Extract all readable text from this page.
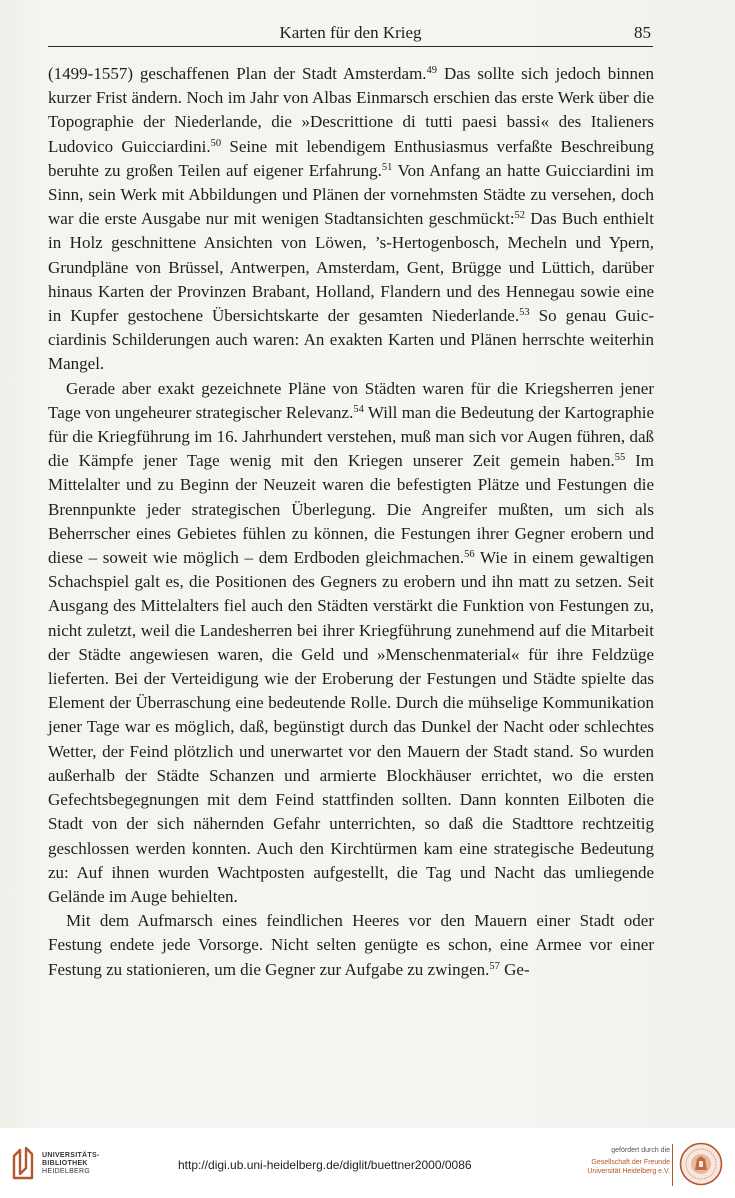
Karten für den Krieg	85

(1499-1557) geschaffenen Plan der Stadt Amsterdam.$^{49}$ Das sollte sich jedoch binnen kurzer Frist ändern. Noch im Jahr von Albas Einmarsch erschien das erste Werk über die Topographie der Niederlande, die »Descrittione di tutti paesi bassi« des Italieners Ludovico Guicciardini.$^{50}$ Seine mit lebendigem Enthusiasmus verfaßte Beschreibung beruhte zu großen Teilen auf eigener Erfahrung.$^{51}$ Von Anfang an hatte Guicciardini im Sinn, sein Werk mit Abbildungen und Plänen der vornehmsten Städte zu versehen, doch war die erste Ausgabe nur mit wenigen Stadtansichten geschmückt:$^{52}$ Das Buch enthielt in Holz geschnittene Ansichten von Löwen, ’s-Hertogenbosch, Mecheln und Ypern, Grundpläne von Brüssel, Antwerpen, Amsterdam, Gent, Brügge und Lüttich, darüber hinaus Karten der Provinzen Brabant, Holland, Flandern und des Hennegau sowie eine in Kupfer gestochene Übersichtskarte der gesamten Niederlande.$^{53}$ So genau Guicciardinis Schilderungen auch waren: An exakten Karten und Plänen herrschte weiterhin Mangel.

Gerade aber exakt gezeichnete Pläne von Städten waren für die Kriegsherren jener Tage von ungeheurer strategischer Relevanz.$^{54}$ Will man die Bedeutung der Kartographie für die Kriegführung im 16. Jahrhundert verstehen, muß man sich vor Augen führen, daß die Kämpfe jener Tage wenig mit den Kriegen unserer Zeit gemein haben.$^{55}$ Im Mittelalter und zu Beginn der Neuzeit waren die befestigten Plätze und Festungen die Brennpunkte jeder strategischen Überlegung. Die Angreifer mußten, um sich als Beherrscher eines Gebietes fühlen zu können, die Festungen ihrer Gegner erobern und diese – soweit wie möglich – dem Erdboden gleichmachen.$^{56}$ Wie in einem gewaltigen Schachspiel galt es, die Positionen des Gegners zu erobern und ihn matt zu setzen. Seit Ausgang des Mittelalters fiel auch den Städten verstärkt die Funktion von Festungen zu, nicht zuletzt, weil die Landesherren bei ihrer Kriegführung zunehmend auf die Mitarbeit der Städte angewiesen waren, die Geld und »Menschenmaterial« für ihre Feldzüge lieferten. Bei der Verteidigung wie der Eroberung der Festungen und Städte spielte das Element der Überraschung eine bedeutende Rolle. Durch die mühselige Kommunikation jener Tage war es möglich, daß, begünstigt durch das Dunkel der Nacht oder schlechtes Wetter, der Feind plötzlich und unerwartet vor den Mauern der Stadt stand. So wurden außerhalb der Städte Schanzen und armierte Blockhäuser errichtet, wo die ersten Gefechtsbegegnungen mit dem Feind stattfinden sollten. Dann konnten Eilboten die Stadt von der sich nähernden Gefahr unterrichten, so daß die Stadttore rechtzeitig geschlossen werden konnten. Auch den Kirchtürmen kam eine strategische Bedeutung zu: Auf ihnen wurden Wachtposten aufgestellt, die Tag und Nacht das umliegende Gelände im Auge behielten.

Mit dem Aufmarsch eines feindlichen Heeres vor den Mauern einer Stadt oder Festung endete jede Vorsorge. Nicht selten genügte es schon, eine Armee vor einer Festung zu stationieren, um die Gegner zur Aufgabe zu zwingen.$^{57}$ Ge-

UNIVERSITÄTS-
BIBLIOTHEK
HEIDELBERG	http://digi.ub.uni-heidelberg.de/diglit/buettner2000/0086
gefördert durch die
Gesellschaft der Freunde
Universität Heidelberg e.V.
